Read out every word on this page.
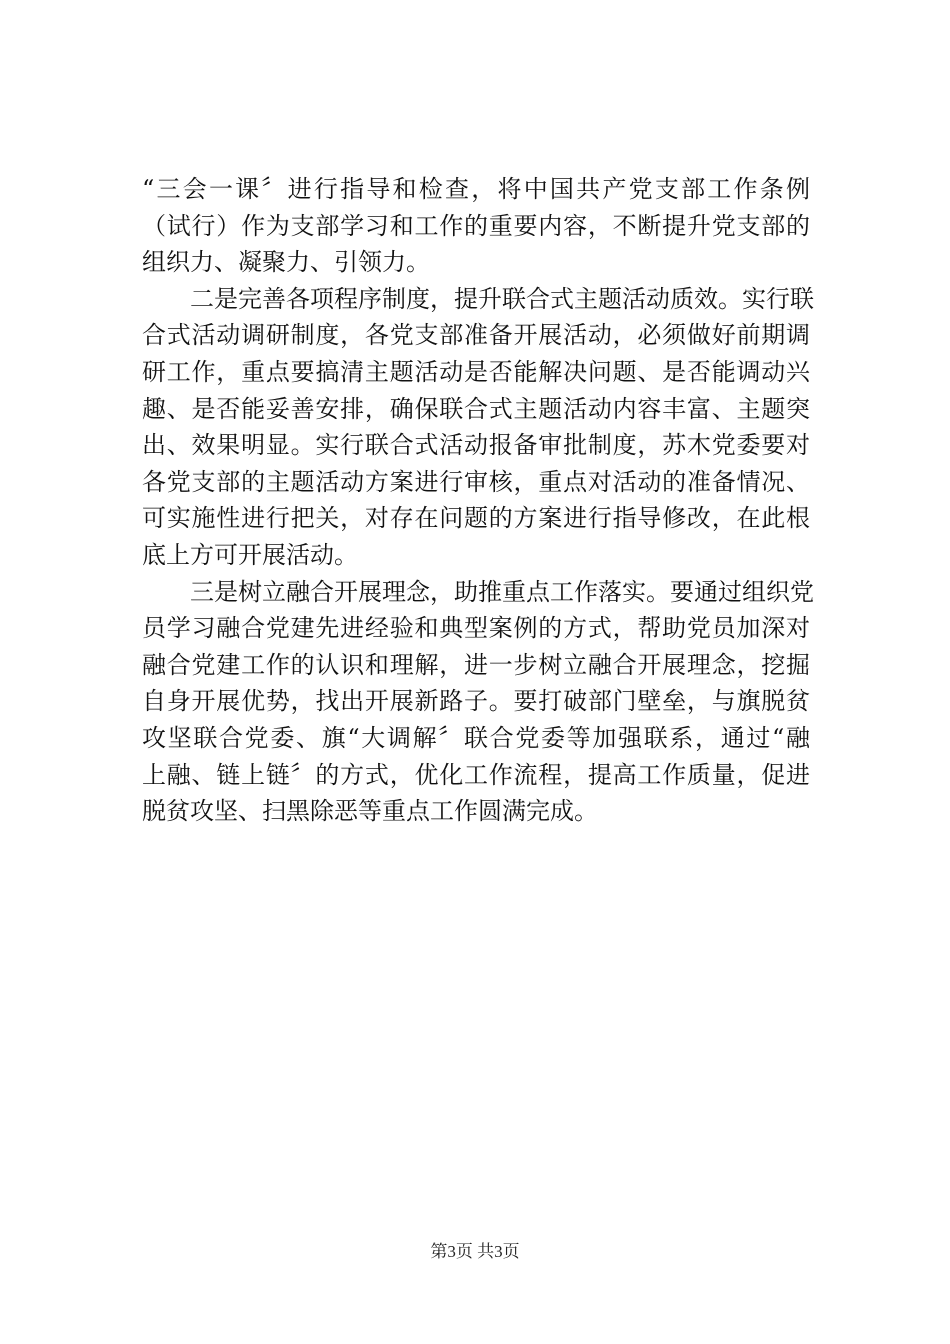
“三会一课〞进行指导和检查，将中国共产党支部工作条例
（试行）作为支部学习和工作的重要内容，不断提升党支部的
组织力、凝聚力、引领力。
二是完善各项程序制度，提升联合式主题活动质效。实行联
合式活动调研制度，各党支部准备开展活动，必须做好前期调
研工作，重点要搞清主题活动是否能解决问题、是否能调动兴
趣、是否能妥善安排，确保联合式主题活动内容丰富、主题突
出、效果明显。实行联合式活动报备审批制度，苏木党委要对
各党支部的主题活动方案进行审核，重点对活动的准备情况、
可实施性进行把关，对存在问题的方案进行指导修改，在此根
底上方可开展活动。
三是树立融合开展理念，助推重点工作落实。要通过组织党
员学习融合党建先进经验和典型案例的方式，帮助党员加深对
融合党建工作的认识和理解，进一步树立融合开展理念，挖掘
自身开展优势，找出开展新路子。要打破部门壁垒，与旗脱贫
攻坚联合党委、旗“大调解〞联合党委等加强联系，通过“融
上融、链上链〞的方式，优化工作流程，提高工作质量，促进
脱贫攻坚、扫黑除恶等重点工作圆满完成。
第3页 共3页
